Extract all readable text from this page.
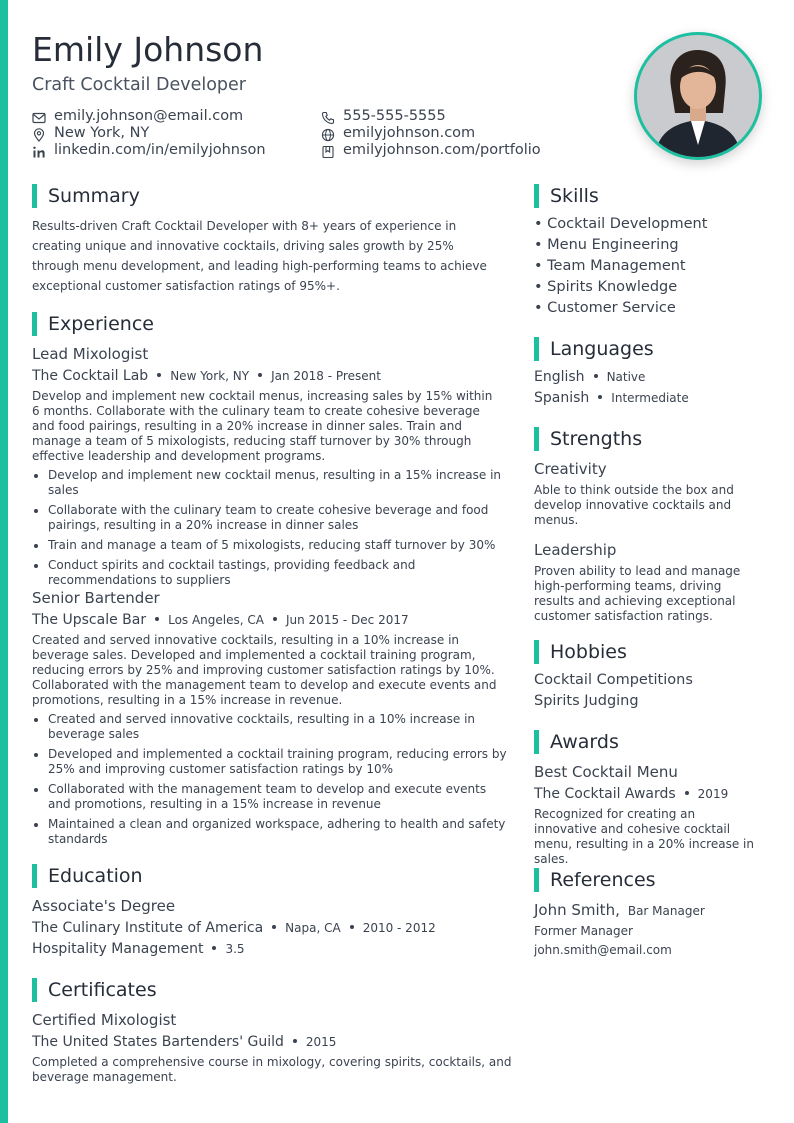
Emily Johnson
Craft Cocktail Developer
emily.johnson@email.com
New York, NY
linkedin.com/in/emilyjohnson
555-555-5555
emilyjohnson.com
emilyjohnson.com/portfolio
Summary
Results-driven Craft Cocktail Developer with 8+ years of experience in creating unique and innovative cocktails, driving sales growth by 25% through menu development, and leading high-performing teams to achieve exceptional customer satisfaction ratings of 95%+.
Experience
Lead Mixologist
The Cocktail Lab New York, NY Jan 2018 - Present
Develop and implement new cocktail menus, increasing sales by 15% within 6 months. Collaborate with the culinary team to create cohesive beverage and food pairings, resulting in a 20% increase in dinner sales. Train and manage a team of 5 mixologists, reducing staff turnover by 30% through effective leadership and development programs.
Develop and implement new cocktail menus, resulting in a 15% increase in sales
Collaborate with the culinary team to create cohesive beverage and food pairings, resulting in a 20% increase in dinner sales
Train and manage a team of 5 mixologists, reducing staff turnover by 30%
Conduct spirits and cocktail tastings, providing feedback and recommendations to suppliers
Senior Bartender
The Upscale Bar Los Angeles, CA Jun 2015 - Dec 2017
Created and served innovative cocktails, resulting in a 10% increase in beverage sales. Developed and implemented a cocktail training program, reducing errors by 25% and improving customer satisfaction ratings by 10%. Collaborated with the management team to develop and execute events and promotions, resulting in a 15% increase in revenue.
Created and served innovative cocktails, resulting in a 10% increase in beverage sales
Developed and implemented a cocktail training program, reducing errors by 25% and improving customer satisfaction ratings by 10%
Collaborated with the management team to develop and execute events and promotions, resulting in a 15% increase in revenue
Maintained a clean and organized workspace, adhering to health and safety standards
Education
Associate's Degree
The Culinary Institute of America Napa, CA 2010 - 2012
Hospitality Management 3.5
Certificates
Certified Mixologist
The United States Bartenders' Guild 2015
Completed a comprehensive course in mixology, covering spirits, cocktails, and beverage management.
Skills
• Cocktail Development
• Menu Engineering
• Team Management
• Spirits Knowledge
• Customer Service
Languages
English Native
Spanish Intermediate
Strengths
Creativity
Able to think outside the box and develop innovative cocktails and menus.
Leadership
Proven ability to lead and manage high-performing teams, driving results and achieving exceptional customer satisfaction ratings.
Hobbies
Cocktail Competitions
Spirits Judging
Awards
Best Cocktail Menu
The Cocktail Awards 2019
Recognized for creating an innovative and cohesive cocktail menu, resulting in a 20% increase in sales.
References
John Smith, Bar Manager
Former Manager
john.smith@email.com
